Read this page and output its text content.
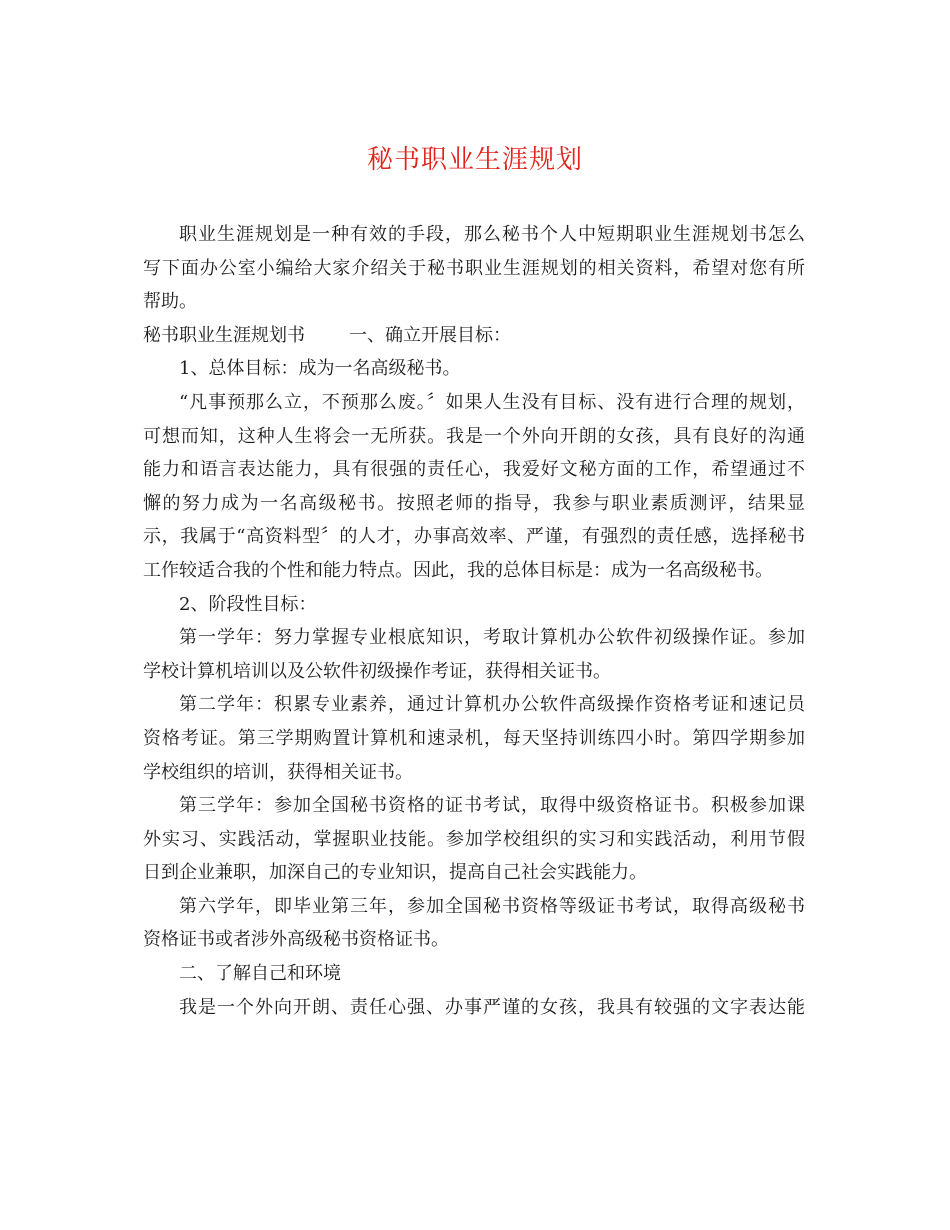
秘书职业生涯规划
职业生涯规划是一种有效的手段，那么秘书个人中短期职业生涯规划书怎么
写下面办公室小编给大家介绍关于秘书职业生涯规划的相关资料，希望对您有所
帮助。
秘书职业生涯规划书 一、确立开展目标：
1、总体目标：成为一名高级秘书。
“凡事预那么立，不预那么废。〞如果人生没有目标、没有进行合理的规划，
可想而知，这种人生将会一无所获。我是一个外向开朗的女孩，具有良好的沟通
能力和语言表达能力，具有很强的责任心，我爱好文秘方面的工作，希望通过不
懈的努力成为一名高级秘书。按照老师的指导，我参与职业素质测评，结果显
示，我属于“高资料型〞的人才，办事高效率、严谨，有强烈的责任感，选择秘书
工作较适合我的个性和能力特点。因此，我的总体目标是：成为一名高级秘书。
2、阶段性目标：
第一学年：努力掌握专业根底知识，考取计算机办公软件初级操作证。参加
学校计算机培训以及公软件初级操作考证，获得相关证书。
第二学年：积累专业素养，通过计算机办公软件高级操作资格考证和速记员
资格考证。第三学期购置计算机和速录机，每天坚持训练四小时。第四学期参加
学校组织的培训，获得相关证书。
第三学年：参加全国秘书资格的证书考试，取得中级资格证书。积极参加课
外实习、实践活动，掌握职业技能。参加学校组织的实习和实践活动，利用节假
日到企业兼职，加深自己的专业知识，提高自己社会实践能力。
第六学年，即毕业第三年，参加全国秘书资格等级证书考试，取得高级秘书
资格证书或者涉外高级秘书资格证书。
二、了解自己和环境
我是一个外向开朗、责任心强、办事严谨的女孩，我具有较强的文字表达能
